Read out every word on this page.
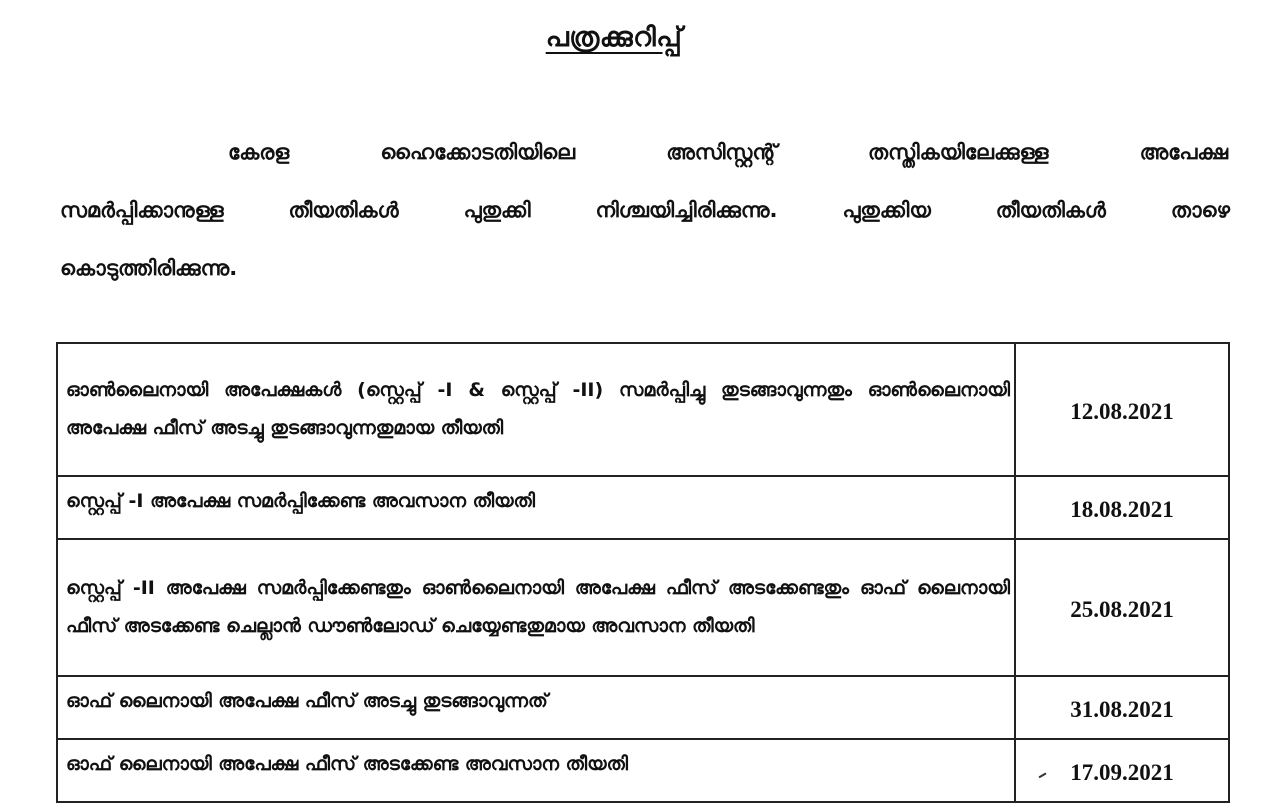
പത്രക്കുറിപ്പ്
കേരള ഹൈക്കോടതിയിലെ അസിസ്റ്റന്റ് തസ്തികയിലേക്കുള്ള അപേക്ഷ
സമർപ്പിക്കാനുള്ള തീയതികൾ പുതുക്കി നിശ്ചയിച്ചിരിക്കുന്നു. പുതുക്കിയ തീയതികൾ താഴെ
കൊടുത്തിരിക്കുന്നു.
ഓൺലൈനായി അപേക്ഷകൾ (സ്റ്റെപ്പ് -I & സ്റ്റെപ്പ് -II) സമർപ്പിച്ചു തുടങ്ങാവുന്നതും ഓൺലൈനായി അപേക്ഷ ഫീസ് അടച്ചു തുടങ്ങാവുന്നതുമായ തീയതി	12.08.2021
സ്റ്റെപ്പ് -I അപേക്ഷ സമർപ്പിക്കേണ്ട അവസാന തീയതി	18.08.2021
സ്റ്റെപ്പ് -II അപേക്ഷ സമർപ്പിക്കേണ്ടതും ഓൺലൈനായി അപേക്ഷ ഫീസ് അടക്കേണ്ടതും ഓഫ് ലൈനായി ഫീസ് അടക്കേണ്ട ചെല്ലാൻ ഡൗൺലോഡ് ചെയ്യേണ്ടതുമായ അവസാന തീയതി	25.08.2021
ഓഫ് ലൈനായി അപേക്ഷ ഫീസ് അടച്ചു തുടങ്ങാവുന്നത്	31.08.2021
ഓഫ് ലൈനായി അപേക്ഷ ഫീസ് അടക്കേണ്ട അവസാന തീയതി	17.09.2021
